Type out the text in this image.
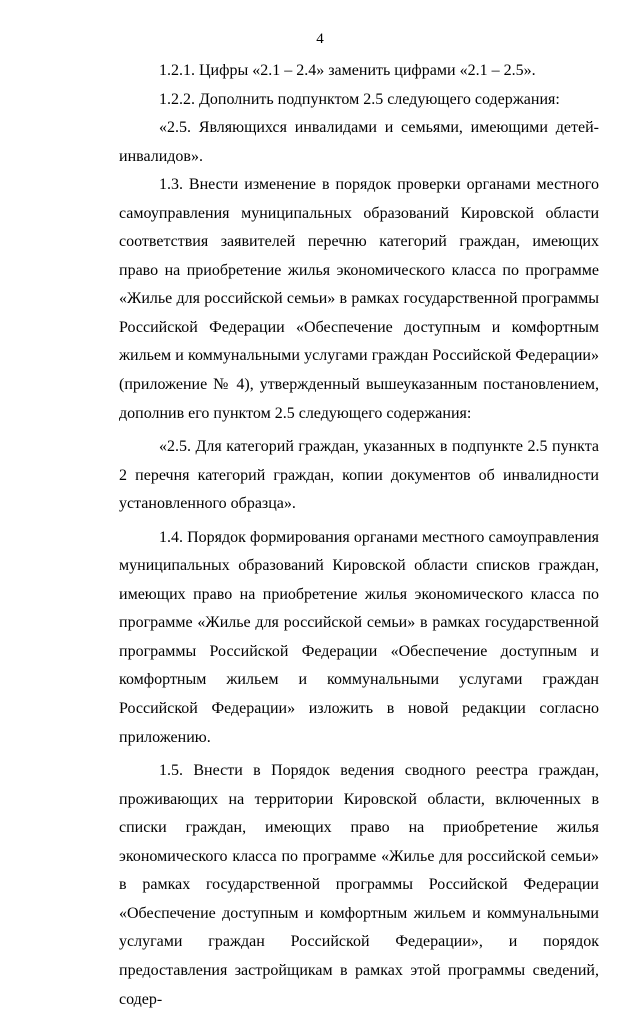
4

1.2.1. Цифры «2.1 – 2.4» заменить цифрами «2.1 – 2.5».

1.2.2. Дополнить подпунктом 2.5 следующего содержания:

«2.5. Являющихся инвалидами и семьями, имеющими детей-инвалидов».

1.3. Внести изменение в порядок проверки органами местного самоуправления муниципальных образований Кировской области соответствия заявителей перечню категорий граждан, имеющих право на приобретение жилья экономического класса по программе «Жилье для российской семьи» в рамках государственной программы Российской Федерации «Обеспечение доступным и комфортным жильем и коммунальными услугами граждан Российской Федерации» (приложение № 4), утвержденный вышеуказанным постановлением, дополнив его пунктом 2.5 следующего содержания:

«2.5. Для категорий граждан, указанных в подпункте 2.5 пункта 2 перечня категорий граждан, копии документов об инвалидности установленного образца».

1.4. Порядок формирования органами местного самоуправления муниципальных образований Кировской области списков граждан, имеющих право на приобретение жилья экономического класса по программе «Жилье для российской семьи» в рамках государственной программы Российской Федерации «Обеспечение доступным и комфортным жильем и коммунальными услугами граждан Российской Федерации» изложить в новой редакции согласно приложению.

1.5. Внести в Порядок ведения сводного реестра граждан, проживающих на территории Кировской области, включенных в списки граждан, имеющих право на приобретение жилья экономического класса по программе «Жилье для российской семьи» в рамках государственной программы Российской Федерации «Обеспечение доступным и комфортным жильем и коммунальными услугами граждан Российской Федерации», и порядок предоставления застройщикам в рамках этой программы сведений, содер-
